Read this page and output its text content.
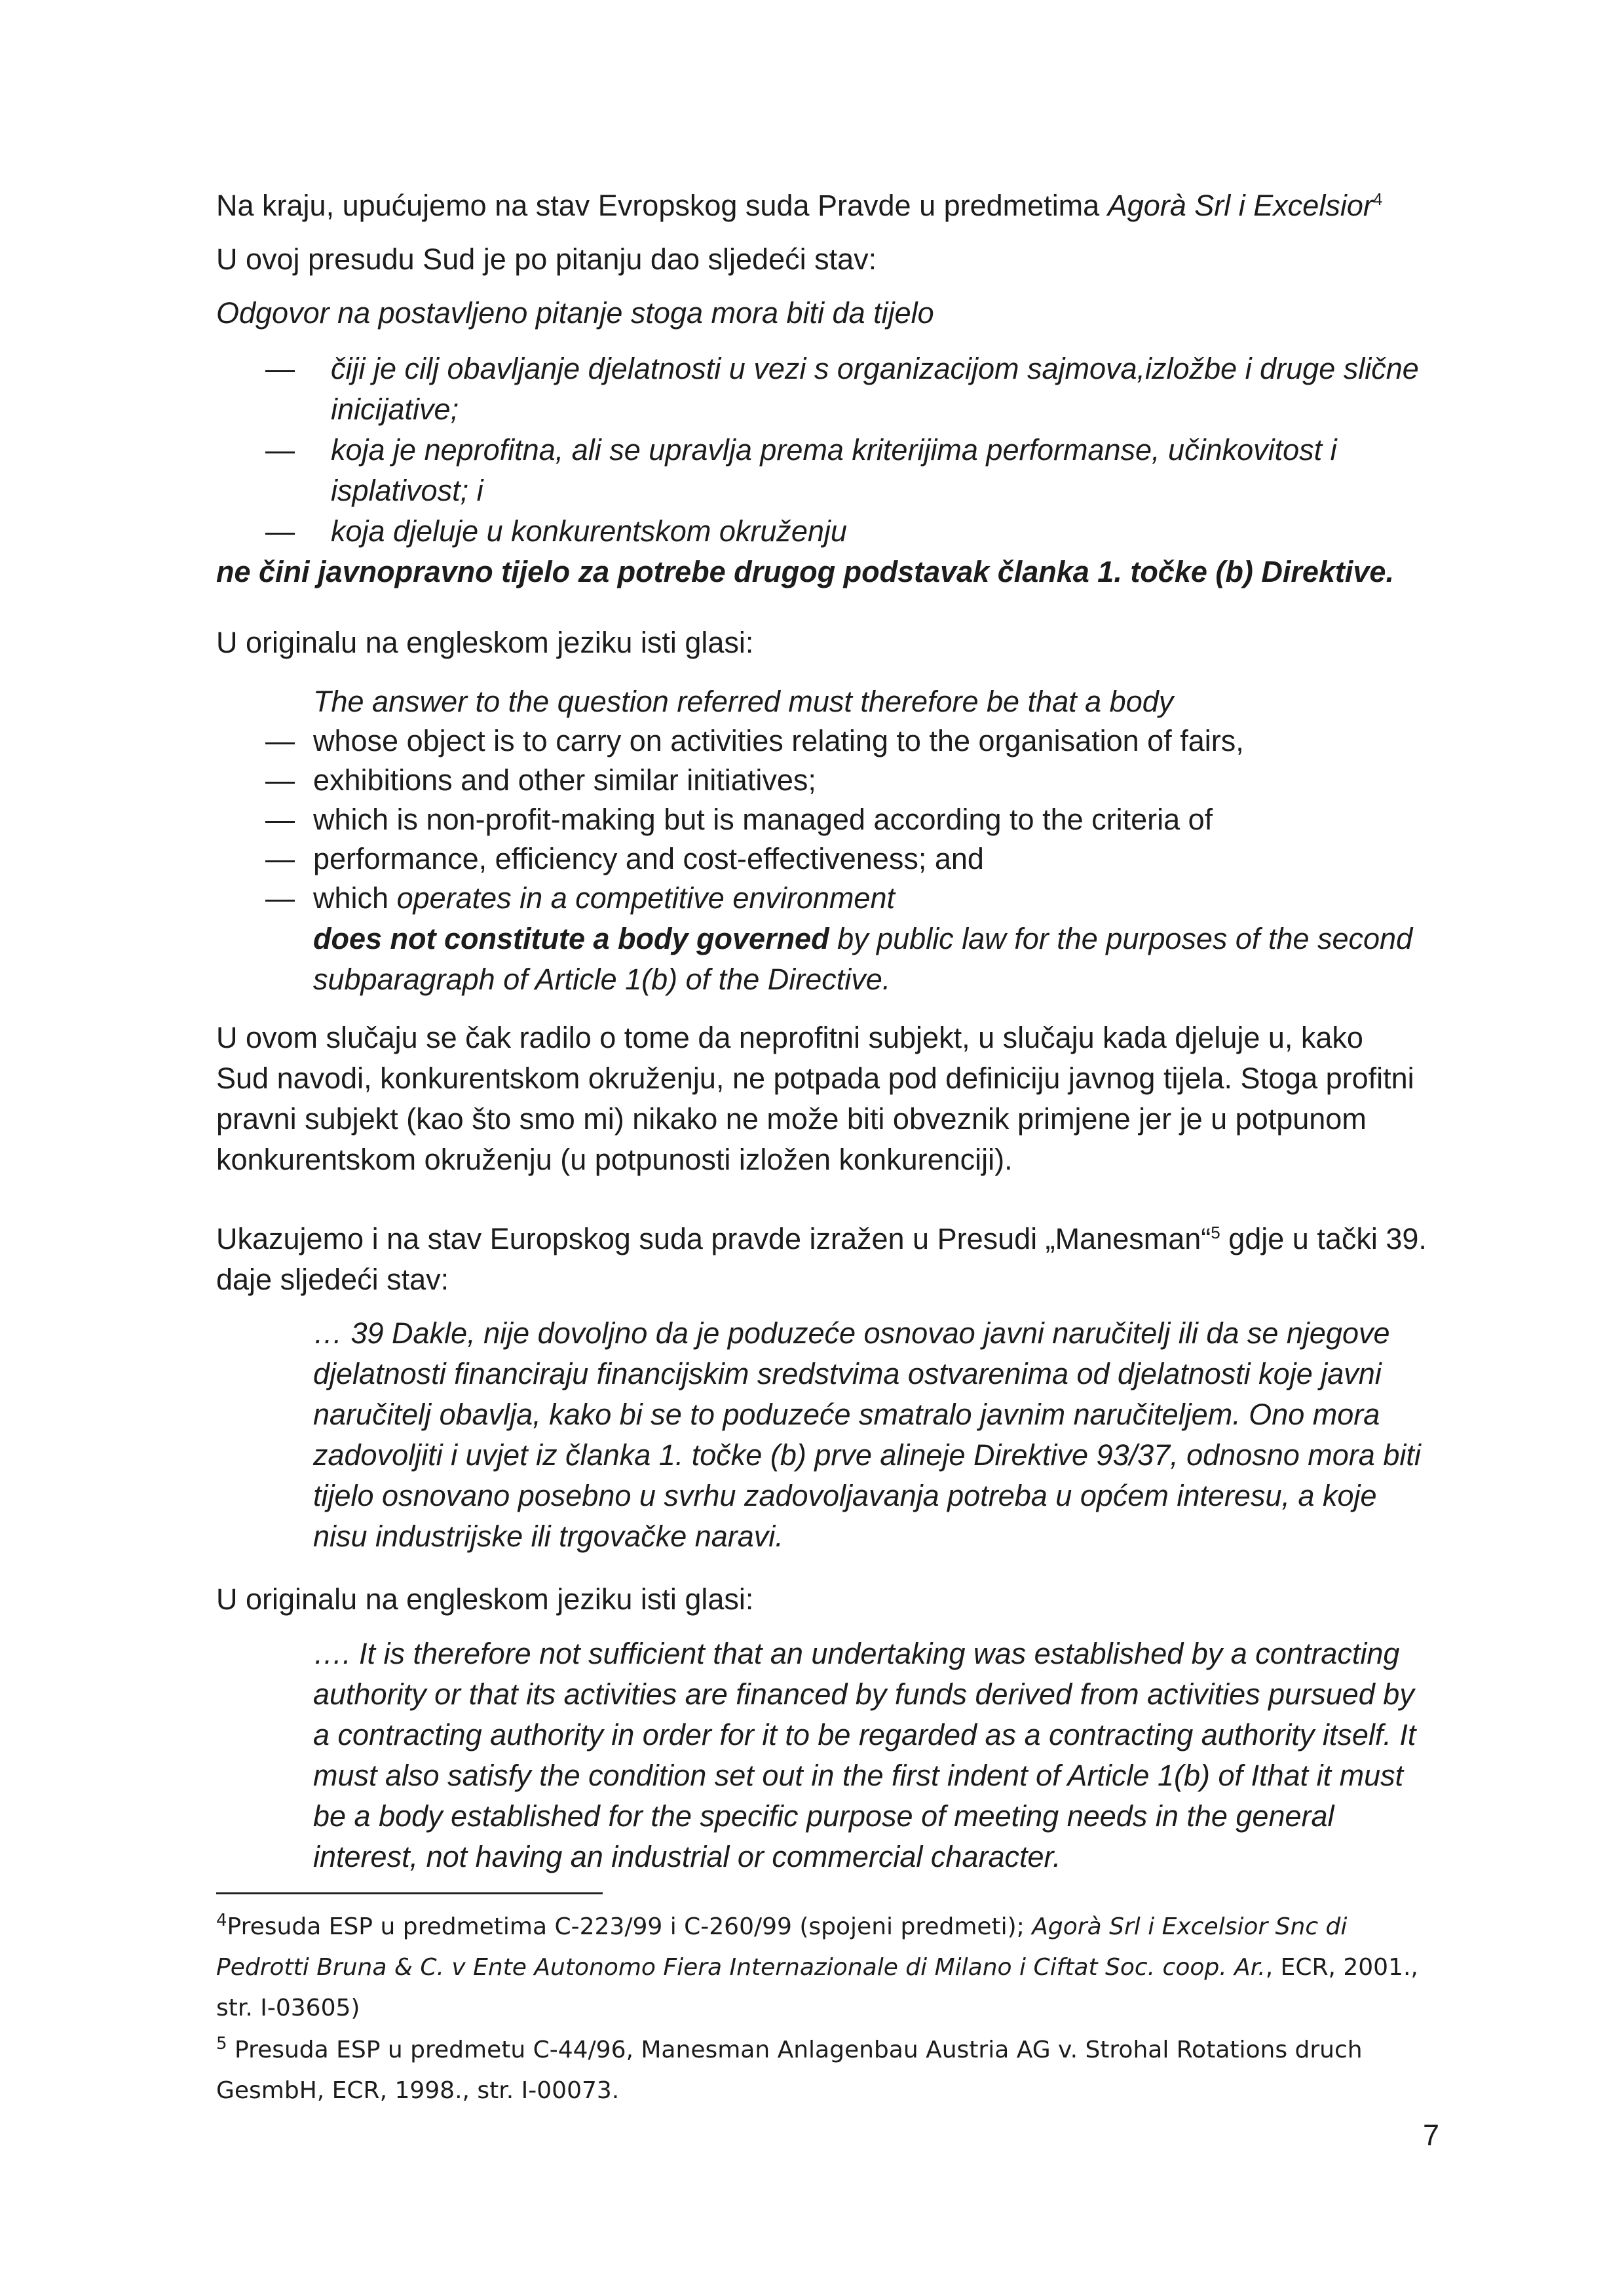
Na kraju, upućujemo na stav Evropskog suda Pravde u predmetima Agorà Srl i Excelsior$^4$
U ovoj presudu Sud je po pitanju dao sljedeći stav:
Odgovor na postavljeno pitanje stoga mora biti da tijelo
— čiji je cilj obavljanje djelatnosti u vezi s organizacijom sajmova,izložbe i druge slične
inicijative;
— koja je neprofitna, ali se upravlja prema kriterijima performanse, učinkovitost i
isplativost; i
— koja djeluje u konkurentskom okruženju
ne čini javnopravno tijelo za potrebe drugog podstavak članka 1. točke (b) Direktive.
U originalu na engleskom jeziku isti glasi:
The answer to the question referred must therefore be that a body
— whose object is to carry on activities relating to the organisation of fairs,
— exhibitions and other similar initiatives;
— which is non-profit-making but is managed according to the criteria of
— performance, efficiency and cost-effectiveness; and
— which operates in a competitive environment
does not constitute a body governed by public law for the purposes of the second
subparagraph of Article 1(b) of the Directive.
U ovom slučaju se čak radilo o tome da neprofitni subjekt, u slučaju kada djeluje u, kako
Sud navodi, konkurentskom okruženju, ne potpada pod definiciju javnog tijela. Stoga profitni
pravni subjekt (kao što smo mi) nikako ne može biti obveznik primjene jer je u potpunom
konkurentskom okruženju (u potpunosti izložen konkurenciji).
Ukazujemo i na stav Europskog suda pravde izražen u Presudi „Manesman“$^5$ gdje u tački 39.
daje sljedeći stav:
… 39 Dakle, nije dovoljno da je poduzeće osnovao javni naručitelj ili da se njegove
djelatnosti financiraju financijskim sredstvima ostvarenima od djelatnosti koje javni
naručitelj obavlja, kako bi se to poduzeće smatralo javnim naručiteljem. Ono mora
zadovoljiti i uvjet iz članka 1. točke (b) prve alineje Direktive 93/37, odnosno mora biti
tijelo osnovano posebno u svrhu zadovoljavanja potreba u općem interesu, a koje
nisu industrijske ili trgovačke naravi.
U originalu na engleskom jeziku isti glasi:
…. It is therefore not sufficient that an undertaking was established by a contracting
authority or that its activities are financed by funds derived from activities pursued by
a contracting authority in order for it to be regarded as a contracting authority itself. It
must also satisfy the condition set out in the first indent of Article 1(b) of Ithat it must
be a body established for the specific purpose of meeting needs in the general
interest, not having an industrial or commercial character.
$^4$Presuda ESP u predmetima C-223/99 i C-260/99 (spojeni predmeti); Agorà Srl i Excelsior Snc di
Pedrotti Bruna & C. v Ente Autonomo Fiera Internazionale di Milano i Ciftat Soc. coop. Ar., ECR, 2001.,
str. I-03605)
$^5$ Presuda ESP u predmetu C-44/96, Manesman Anlagenbau Austria AG v. Strohal Rotations druch
GesmbH, ECR, 1998., str. I-00073.
7
